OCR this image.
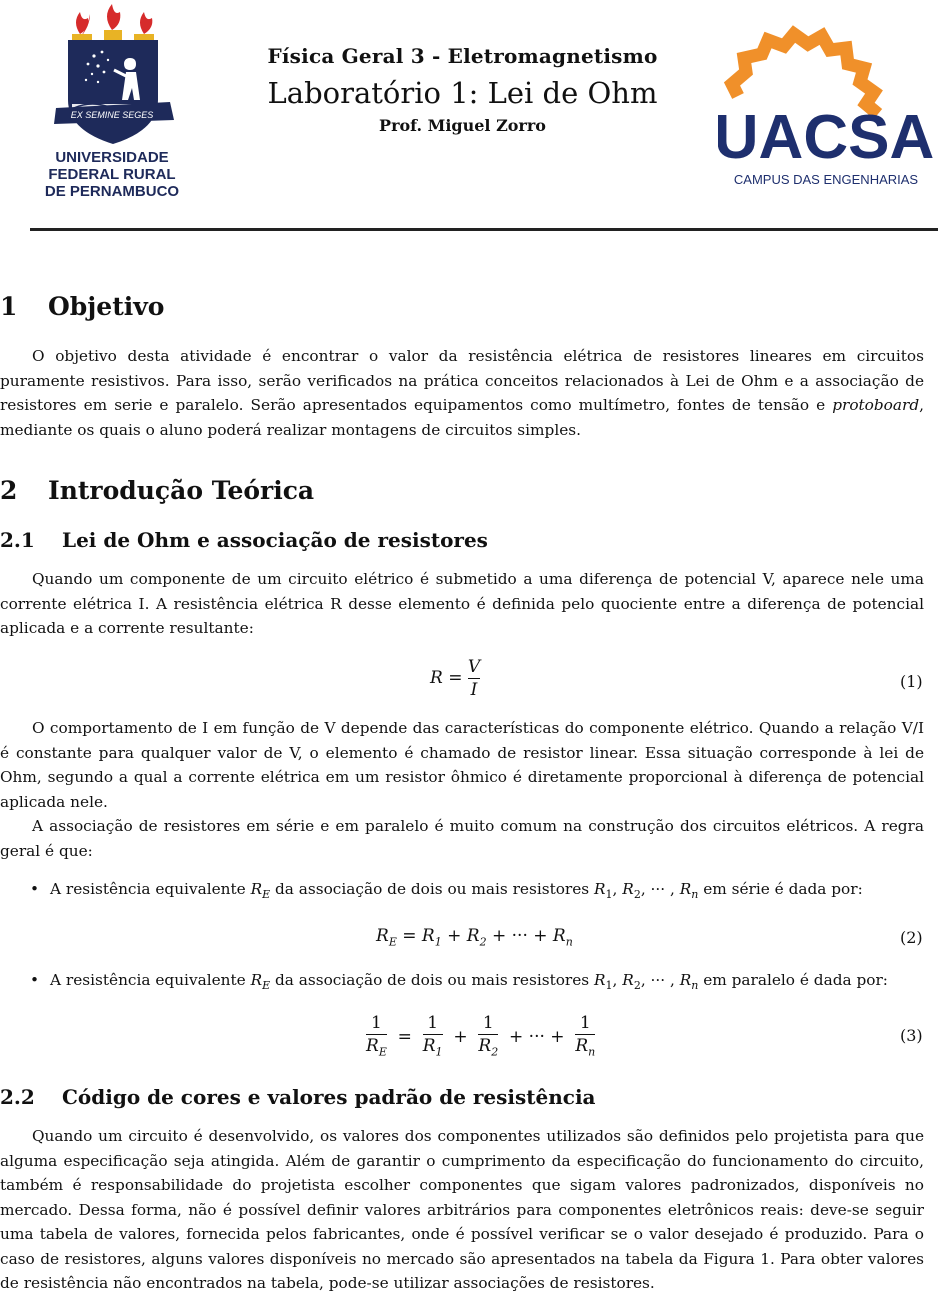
EX SEMINE SEGES
UNIVERSIDADE
FEDERAL RURAL
DE PERNAMBUCO
Física Geral 3 - Eletromagnetismo
Laboratório 1: Lei de Ohm
Prof. Miguel Zorro	UACSA
CAMPUS DAS ENGENHARIAS
1 Objetivo

O objetivo desta atividade é encontrar o valor da resistência elétrica de resistores lineares em circuitos puramente resistivos. Para isso, serão verificados na prática conceitos relacionados à Lei de Ohm e a associação de resistores em serie e paralelo. Serão apresentados equipamentos como multímetro, fontes de tensão e protoboard, mediante os quais o aluno poderá realizar montagens de circuitos simples.

2 Introdução Teórica
2.1 Lei de Ohm e associação de resistores

Quando um componente de um circuito elétrico é submetido a uma diferença de potencial V, aparece nele uma corrente elétrica I. A resistência elétrica R desse elemento é definida pelo quociente entre a diferença de potencial aplicada e a corrente resultante:

$R = \frac{V}{I}$	(1)

O comportamento de I em função de V depende das características do componente elétrico. Quando a relação V/I é constante para qualquer valor de V, o elemento é chamado de resistor linear. Essa situação corresponde à lei de Ohm, segundo a qual a corrente elétrica em um resistor ôhmico é diretamente proporcional à diferença de potencial aplicada nele.

A associação de resistores em série e em paralelo é muito comum na construção dos circuitos elétricos. A regra geral é que:

• A resistência equivalente $R_E$ da associação de dois ou mais resistores $R_1$, $R_2$, ··· , $R_n$ em série é dada por:
$R_E = R_1 + R_2$ + ··· + $R_n$	(2)
• A resistência equivalente $R_E$ da associação de dois ou mais resistores $R_1$, $R_2$, ··· , $R_n$ em paralelo é dada por:
$\frac{1}{R_E} = \frac{1}{R_1} + \frac{1}{R_2}$ + ··· + $\frac{1}{R_n}$	(3)
2.2 Código de cores e valores padrão de resistência

Quando um circuito é desenvolvido, os valores dos componentes utilizados são definidos pelo projetista para que alguma especificação seja atingida. Além de garantir o cumprimento da especificação do funcionamento do circuito, também é responsabilidade do projetista escolher componentes que sigam valores padronizados, disponíveis no mercado. Dessa forma, não é possível definir valores arbitrários para componentes eletrônicos reais: deve-se seguir uma tabela de valores, fornecida pelos fabricantes, onde é possível verificar se o valor desejado é produzido. Para o caso de resistores, alguns valores disponíveis no mercado são apresentados na tabela da Figura 1. Para obter valores de resistência não encontrados na tabela, pode-se utilizar associações de resistores.
